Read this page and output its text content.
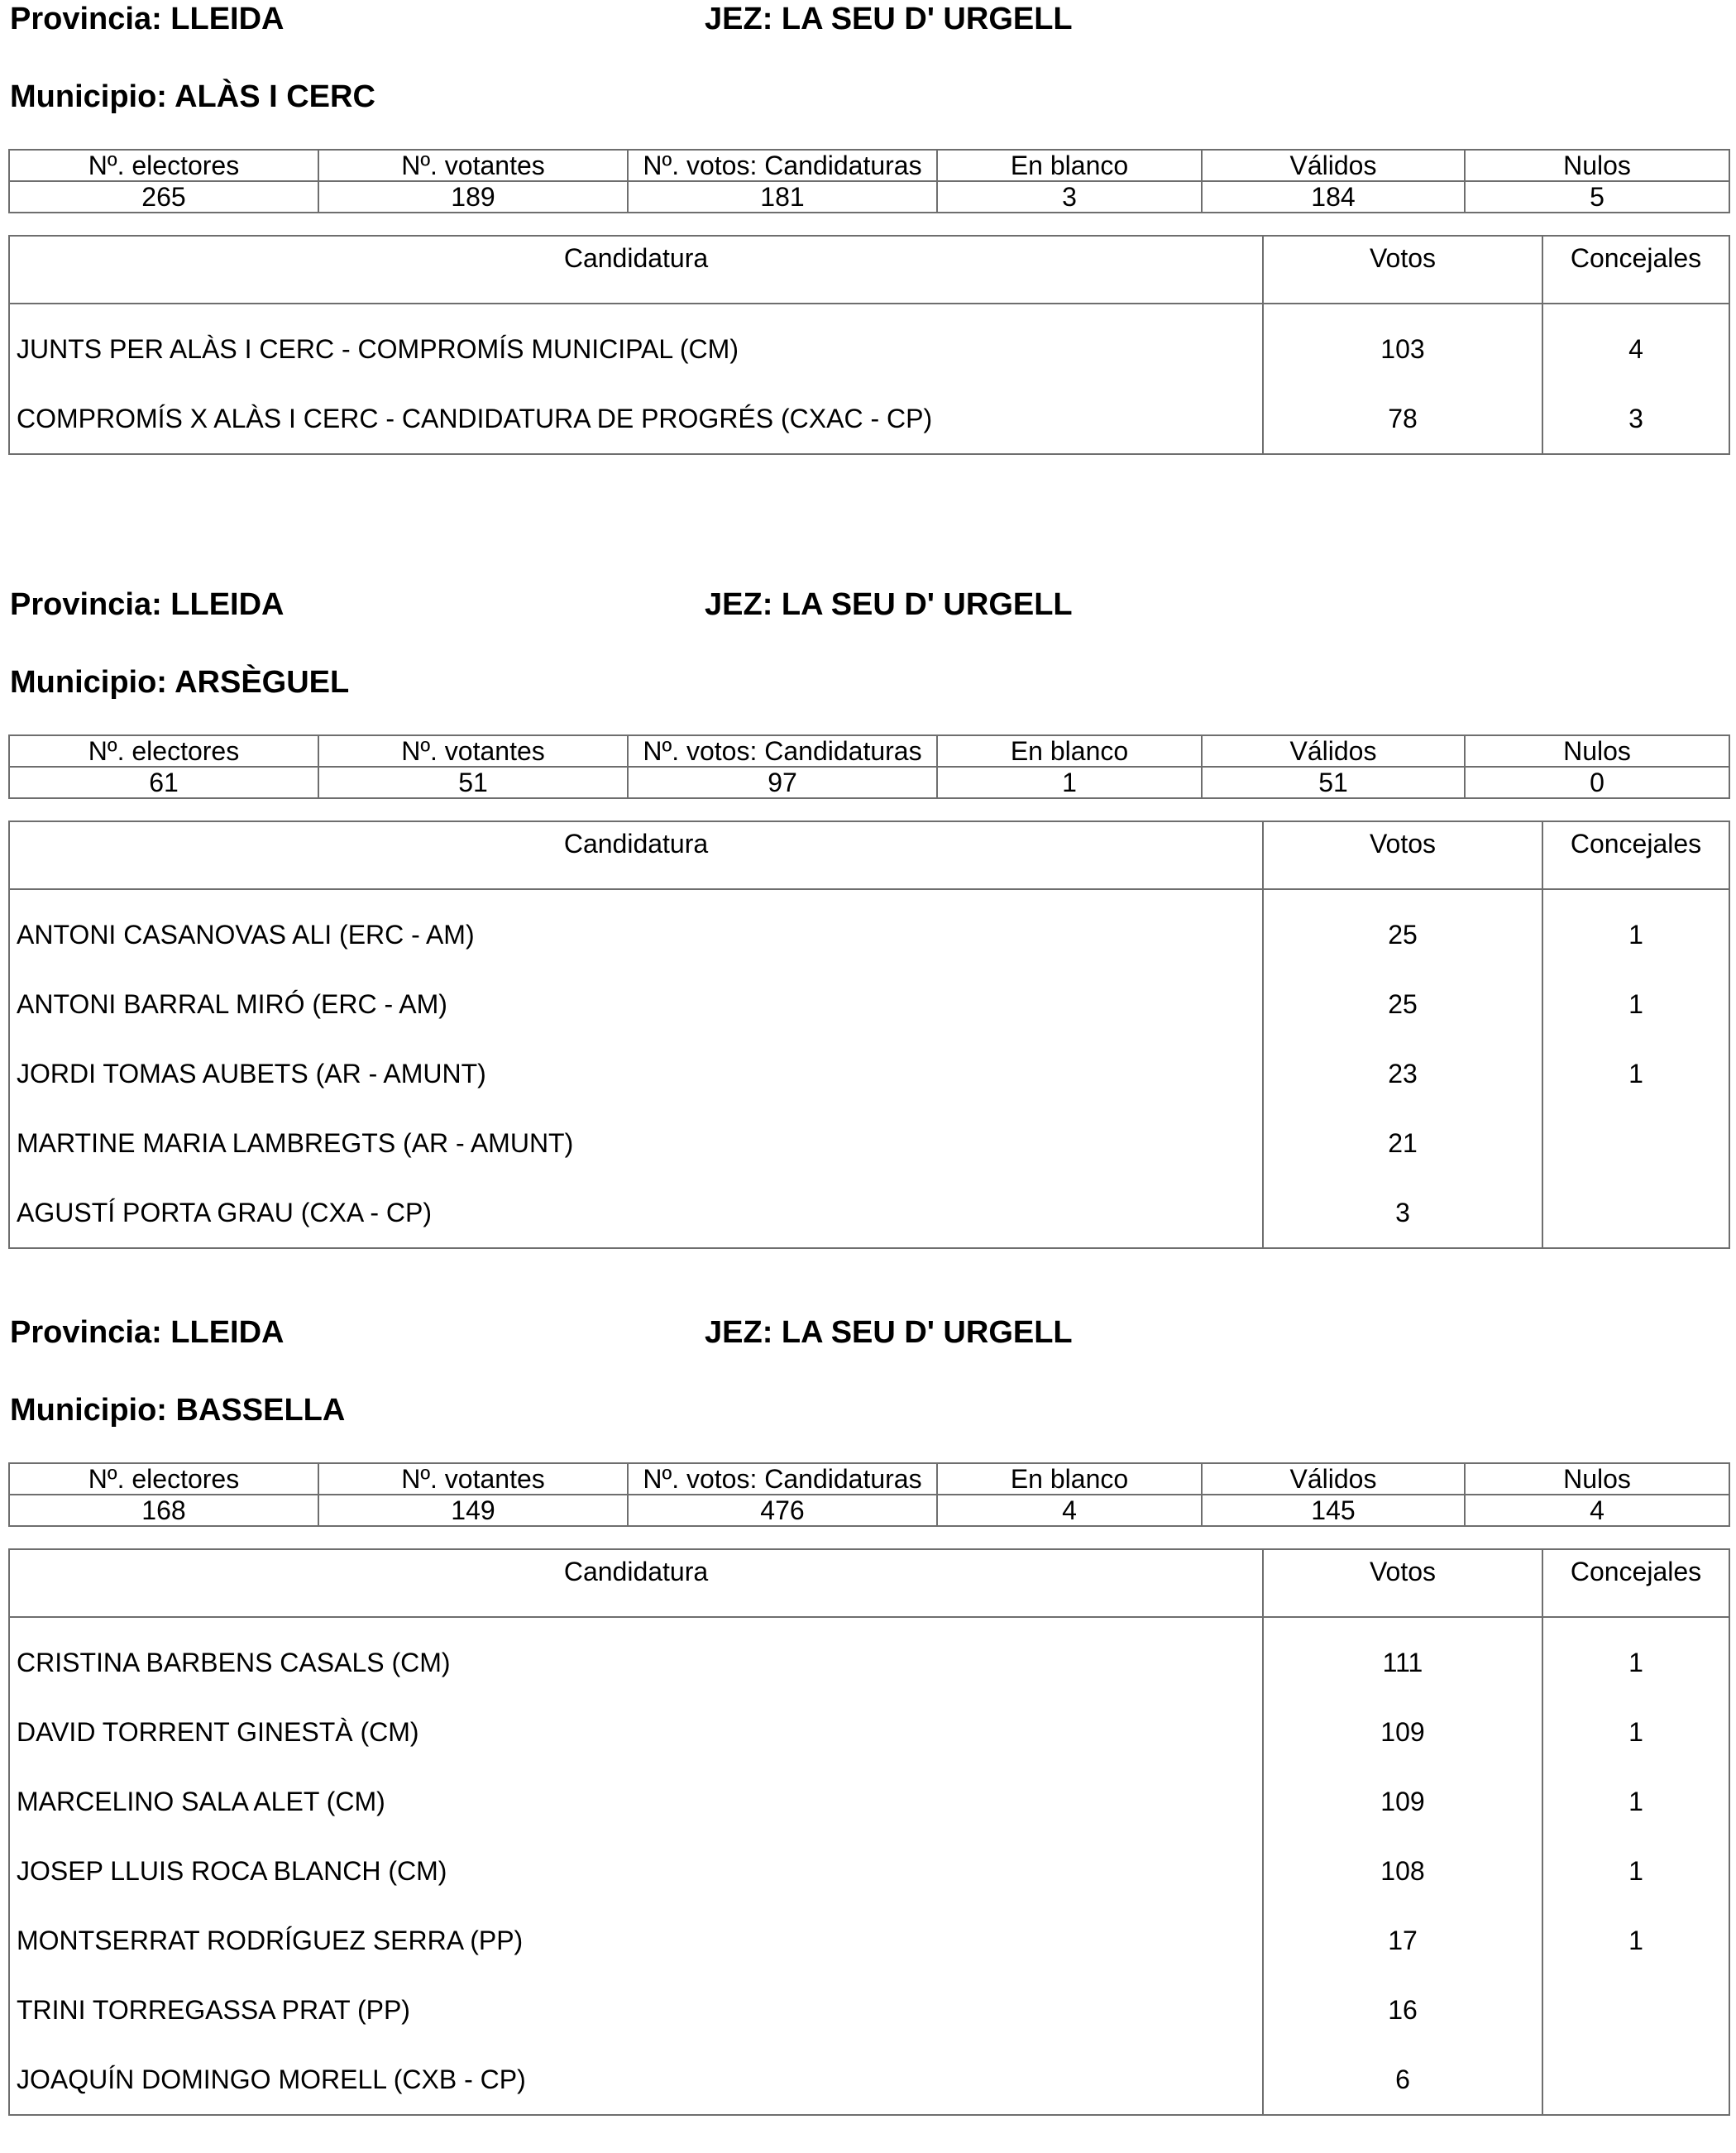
Provincia: LLEIDA	JEZ: LA SEU D' URGELL
Municipio: ALÀS I CERC
Nº. electores	Nº. votantes	Nº. votos: Candidaturas	En blanco	Válidos	Nulos
265	189	181	3	184	5
Candidatura	Votos	Concejales
JUNTS PER ALÀS I CERC - COMPROMÍS MUNICIPAL (CM)	103	4
COMPROMÍS X ALÀS I CERC - CANDIDATURA DE PROGRÉS (CXAC - CP)	78	3
Provincia: LLEIDA	JEZ: LA SEU D' URGELL
Municipio: ARSÈGUEL
Nº. electores	Nº. votantes	Nº. votos: Candidaturas	En blanco	Válidos	Nulos
61	51	97	1	51	0
Candidatura	Votos	Concejales
ANTONI CASANOVAS ALI (ERC - AM)	25	1
ANTONI BARRAL MIRÓ (ERC - AM)	25	1
JORDI TOMAS AUBETS (AR - AMUNT)	23	1
MARTINE MARIA LAMBREGTS (AR - AMUNT)	21	
AGUSTÍ PORTA GRAU (CXA - CP)	3	
Provincia: LLEIDA	JEZ: LA SEU D' URGELL
Municipio: BASSELLA
Nº. electores	Nº. votantes	Nº. votos: Candidaturas	En blanco	Válidos	Nulos
168	149	476	4	145	4
Candidatura	Votos	Concejales
CRISTINA BARBENS CASALS (CM)	111	1
DAVID TORRENT GINESTÀ (CM)	109	1
MARCELINO SALA ALET (CM)	109	1
JOSEP LLUIS ROCA BLANCH (CM)	108	1
MONTSERRAT RODRÍGUEZ SERRA (PP)	17	1
TRINI TORREGASSA PRAT (PP)	16	
JOAQUÍN DOMINGO MORELL (CXB - CP)	6	
